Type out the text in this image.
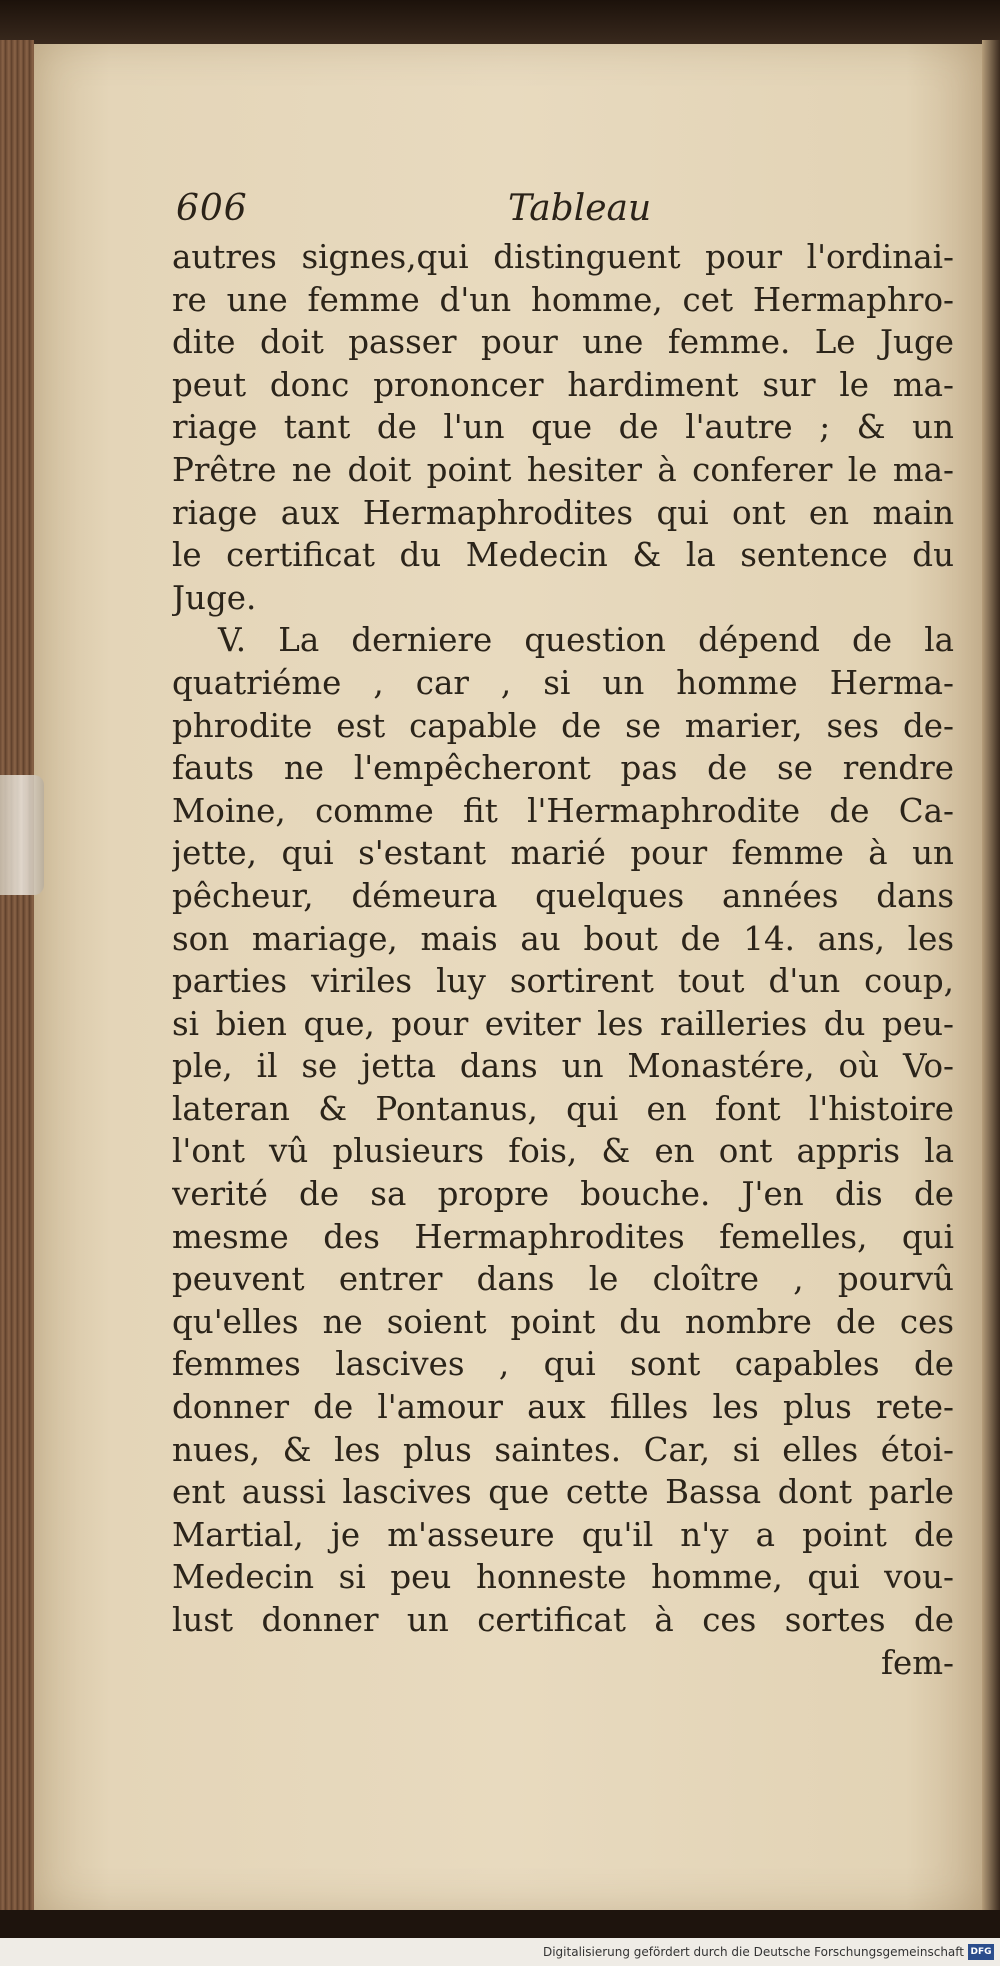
606	Tableau
autres signes,qui distinguent pour l'ordinai-
re une femme d'un homme, cet Hermaphro-
dite doit passer pour une femme. Le Juge
peut donc prononcer hardiment sur le ma-
riage tant de l'un que de l'autre ; & un
Prêtre ne doit point hesiter à conferer le ma-
riage aux Hermaphrodites qui ont en main
le certificat du Medecin & la sentence du
Juge.
V. La derniere question dépend de la
quatriéme , car , si un homme Herma-
phrodite est capable de se marier, ses de-
fauts ne l'empêcheront pas de se rendre
Moine, comme fit l'Hermaphrodite de Ca-
jette, qui s'estant marié pour femme à un
pêcheur, démeura quelques années dans
son mariage, mais au bout de 14. ans, les
parties viriles luy sortirent tout d'un coup,
si bien que, pour eviter les railleries du peu-
ple, il se jetta dans un Monastére, où Vo-
lateran & Pontanus, qui en font l'histoire
l'ont vû plusieurs fois, & en ont appris la
verité de sa propre bouche. J'en dis de
mesme des Hermaphrodites femelles, qui
peuvent entrer dans le cloître , pourvû
qu'elles ne soient point du nombre de ces
femmes lascives , qui sont capables de
donner de l'amour aux filles les plus rete-
nues, & les plus saintes. Car, si elles étoi-
ent aussi lascives que cette Bassa dont parle
Martial, je m'asseure qu'il n'y a point de
Medecin si peu honneste homme, qui vou-
lust donner un certificat à ces sortes de
fem-
Digitalisierung gefördert durch die Deutsche Forschungsgemeinschaft DFG
